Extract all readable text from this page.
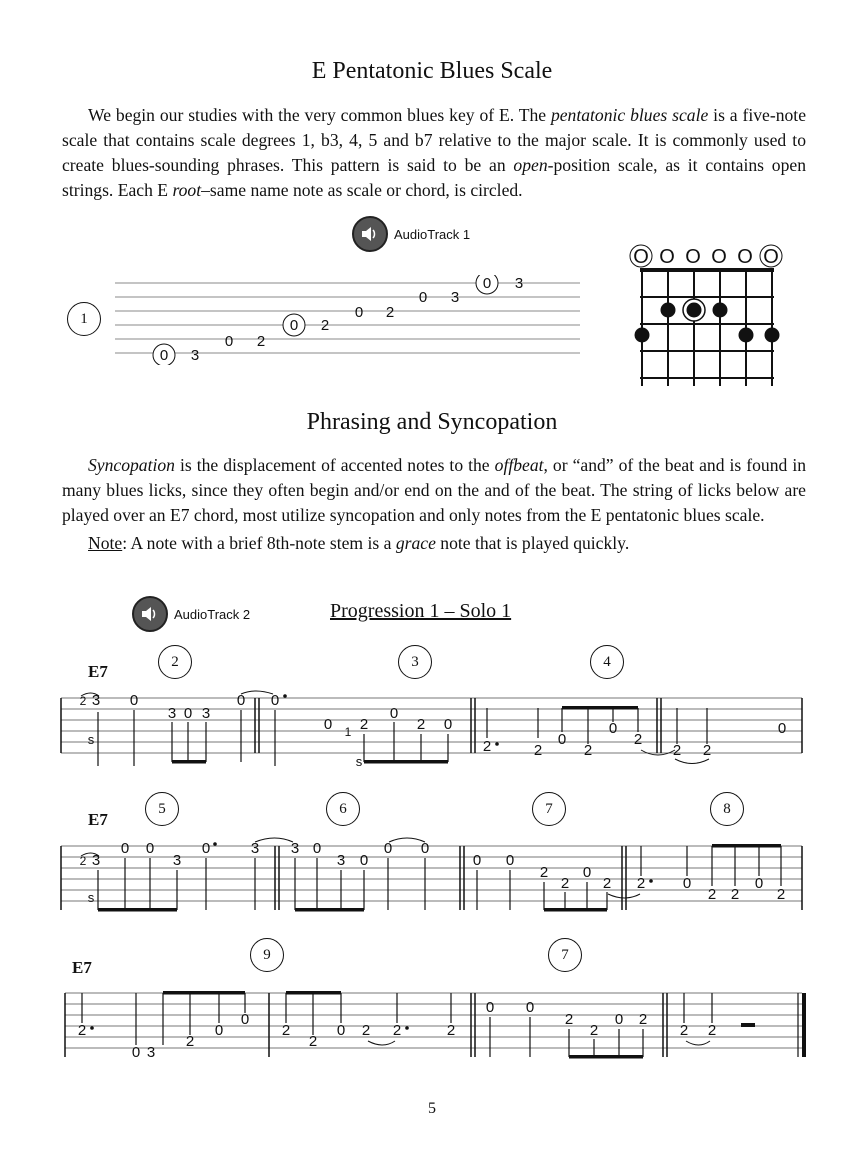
E Pentatonic Blues Scale

We begin our studies with the very common blues key of E. The pentatonic blues scale is a five-note scale that contains scale degrees 1, b3, 4, 5 and b7 relative to the major scale. It is commonly used to create blues-sounding phrases. This pattern is said to be an open-position scale, as it contains open strings. Each E root–same name note as scale or chord, is circled.

AudioTrack 1
1
0 3
0 2
0 2
0 2
0 3
0 3
O O O O O O
Phrasing and Syncopation

Syncopation is the displacement of accented notes to the offbeat, or “and” of the beat and is found in many blues licks, since they often begin and/or end on the and of the beat. The string of licks below are played over an E7 chord, most utilize syncopation and only notes from the E pentatonic blues scale.

Note: A note with a brief 8th-note stem is a grace note that is played quickly.

AudioTrack 2	Progression 1 – Solo 1
E7
2	3	4
2 3
s
0
3 0 3
0 0
0 1 2
s
0
2 0
2	2
0
2
0
2
2 2
0
E7
5	6	7	8
2 3
s
0 0
3
0	3 3 0
3 0
0 0
0 0
2
2
0
2 2	0
2 2
0
2
E7
9	7
2
0 3
2
0
0
2
2
0 2 2	2
0 0
2
2
0 2
2 2
5
